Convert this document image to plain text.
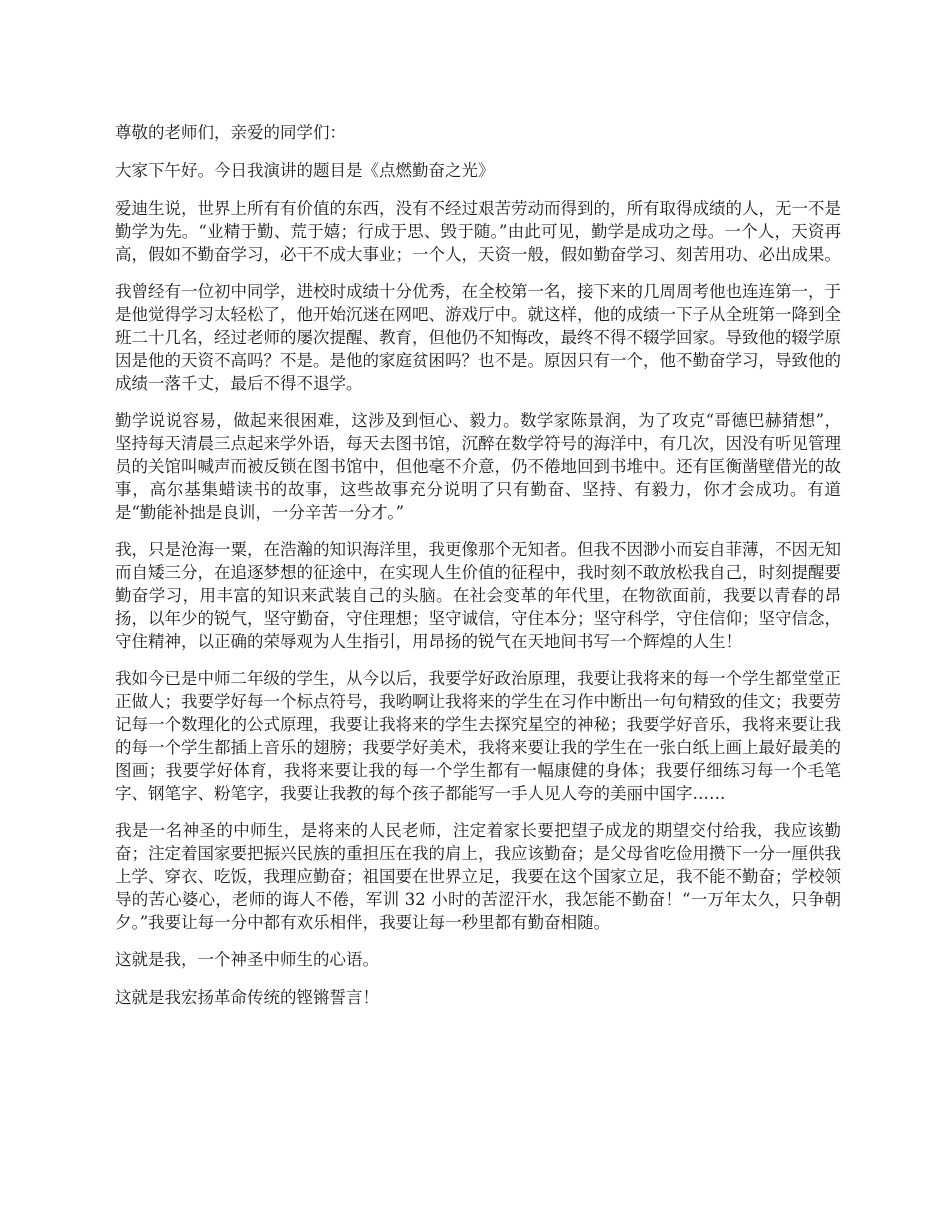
尊敬的老师们，亲爱的同学们：

大家下午好。今日我演讲的题目是《点燃勤奋之光》

爱迪生说，世界上所有有价值的东西，没有不经过艰苦劳动而得到的，所有取得成绩的人，无一不是勤学为先。“业精于勤、荒于嬉；行成于思、毁于随。”由此可见，勤学是成功之母。一个人，天资再高，假如不勤奋学习，必干不成大事业；一个人，天资一般，假如勤奋学习、刻苦用功、必出成果。

我曾经有一位初中同学，进校时成绩十分优秀，在全校第一名，接下来的几周周考他也连连第一，于是他觉得学习太轻松了，他开始沉迷在网吧、游戏厅中。就这样，他的成绩一下子从全班第一降到全班二十几名，经过老师的屡次提醒、教育，但他仍不知悔改，最终不得不辍学回家。导致他的辍学原因是他的天资不高吗？不是。是他的家庭贫困吗？也不是。原因只有一个，他不勤奋学习，导致他的成绩一落千丈，最后不得不退学。

勤学说说容易，做起来很困难，这涉及到恒心、毅力。数学家陈景润，为了攻克“哥德巴赫猜想”，坚持每天清晨三点起来学外语，每天去图书馆，沉醉在数学符号的海洋中，有几次，因没有听见管理员的关馆叫喊声而被反锁在图书馆中，但他毫不介意，仍不倦地回到书堆中。还有匡衡凿壁借光的故事，高尔基集蜡读书的故事，这些故事充分说明了只有勤奋、坚持、有毅力，你才会成功。有道是“勤能补拙是良训，一分辛苦一分才。”

我，只是沧海一粟，在浩瀚的知识海洋里，我更像那个无知者。但我不因渺小而妄自菲薄，不因无知而自矮三分，在追逐梦想的征途中，在实现人生价值的征程中，我时刻不敢放松我自己，时刻提醒要勤奋学习，用丰富的知识来武装自己的头脑。在社会变革的年代里，在物欲面前，我要以青春的昂扬，以年少的锐气，坚守勤奋，守住理想；坚守诚信，守住本分；坚守科学，守住信仰；坚守信念，守住精神，以正确的荣辱观为人生指引，用昂扬的锐气在天地间书写一个辉煌的人生！

我如今已是中师二年级的学生，从今以后，我要学好政治原理，我要让我将来的每一个学生都堂堂正正做人；我要学好每一个标点符号，我哟啊让我将来的学生在习作中断出一句句精致的佳文；我要劳记每一个数理化的公式原理，我要让我将来的学生去探究星空的神秘；我要学好音乐，我将来要让我的每一个学生都插上音乐的翅膀；我要学好美术，我将来要让我的学生在一张白纸上画上最好最美的图画；我要学好体育，我将来要让我的每一个学生都有一幅康健的身体；我要仔细练习每一个毛笔字、钢笔字、粉笔字，我要让我教的每个孩子都能写一手人见人夸的美丽中国字……

我是一名神圣的中师生，是将来的人民老师，注定着家长要把望子成龙的期望交付给我，我应该勤奋；注定着国家要把振兴民族的重担压在我的肩上，我应该勤奋；是父母省吃俭用攒下一分一厘供我上学、穿衣、吃饭，我理应勤奋；祖国要在世界立足，我要在这个国家立足，我不能不勤奋；学校领导的苦心婆心，老师的诲人不倦，军训 32 小时的苦涩汗水，我怎能不勤奋！“一万年太久，只争朝夕。”我要让每一分中都有欢乐相伴，我要让每一秒里都有勤奋相随。

这就是我，一个神圣中师生的心语。

这就是我宏扬革命传统的铿锵誓言！
